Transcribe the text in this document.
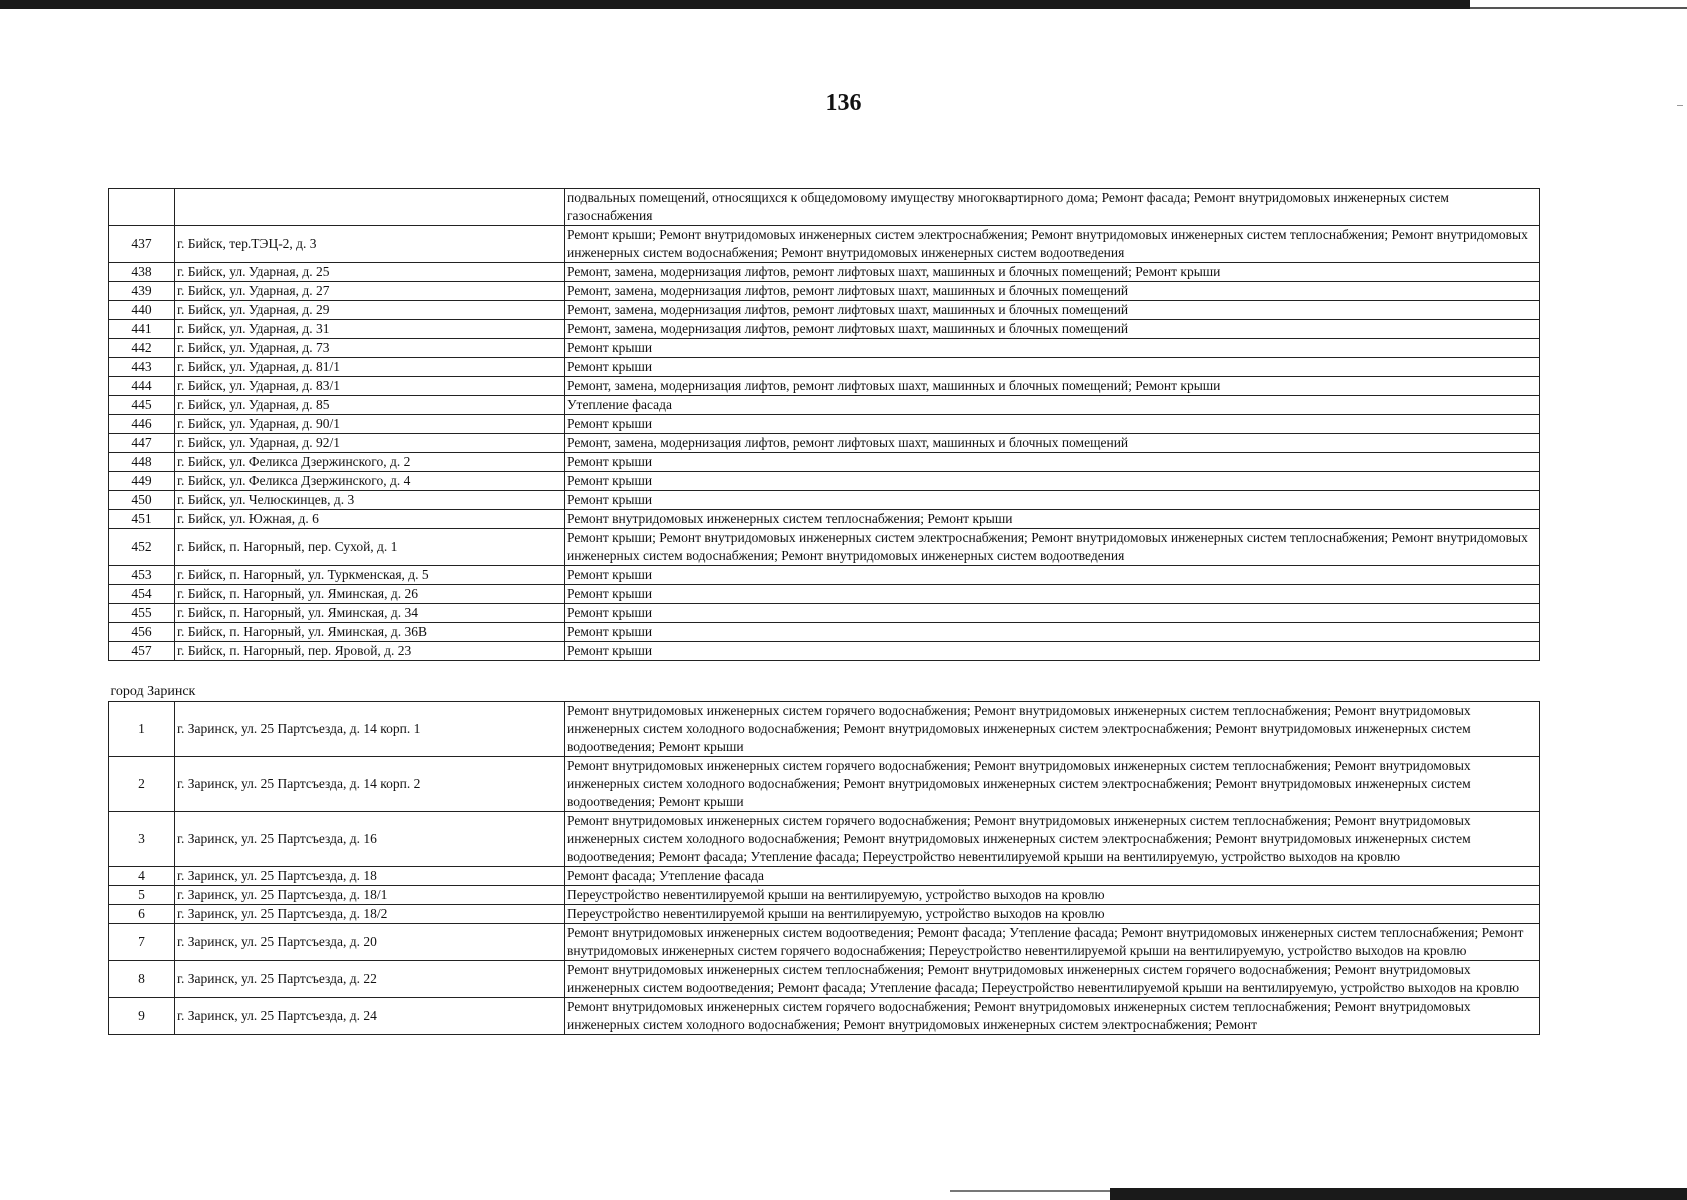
136
		подвальных помещений, относящихся к общедомовому имуществу многоквартирного дома; Ремонт фасада; Ремонт внутридомовых инженерных систем газоснабжения
437	г. Бийск, тер.ТЭЦ-2, д. 3	Ремонт крыши; Ремонт внутридомовых инженерных систем электроснабжения; Ремонт внутридомовых инженерных систем теплоснабжения; Ремонт внутридомовых инженерных систем водоснабжения; Ремонт внутридомовых инженерных систем водоотведения
438	г. Бийск, ул. Ударная, д. 25	Ремонт, замена, модернизация лифтов, ремонт лифтовых шахт, машинных и блочных помещений; Ремонт крыши
439	г. Бийск, ул. Ударная, д. 27	Ремонт, замена, модернизация лифтов, ремонт лифтовых шахт, машинных и блочных помещений
440	г. Бийск, ул. Ударная, д. 29	Ремонт, замена, модернизация лифтов, ремонт лифтовых шахт, машинных и блочных помещений
441	г. Бийск, ул. Ударная, д. 31	Ремонт, замена, модернизация лифтов, ремонт лифтовых шахт, машинных и блочных помещений
442	г. Бийск, ул. Ударная, д. 73	Ремонт крыши
443	г. Бийск, ул. Ударная, д. 81/1	Ремонт крыши
444	г. Бийск, ул. Ударная, д. 83/1	Ремонт, замена, модернизация лифтов, ремонт лифтовых шахт, машинных и блочных помещений; Ремонт крыши
445	г. Бийск, ул. Ударная, д. 85	Утепление фасада
446	г. Бийск, ул. Ударная, д. 90/1	Ремонт крыши
447	г. Бийск, ул. Ударная, д. 92/1	Ремонт, замена, модернизация лифтов, ремонт лифтовых шахт, машинных и блочных помещений
448	г. Бийск, ул. Феликса Дзержинского, д. 2	Ремонт крыши
449	г. Бийск, ул. Феликса Дзержинского, д. 4	Ремонт крыши
450	г. Бийск, ул. Челюскинцев, д. 3	Ремонт крыши
451	г. Бийск, ул. Южная, д. 6	Ремонт внутридомовых инженерных систем теплоснабжения; Ремонт крыши
452	г. Бийск, п. Нагорный, пер. Сухой, д. 1	Ремонт крыши; Ремонт внутридомовых инженерных систем электроснабжения; Ремонт внутридомовых инженерных систем теплоснабжения; Ремонт внутридомовых инженерных систем водоснабжения; Ремонт внутридомовых инженерных систем водоотведения
453	г. Бийск, п. Нагорный, ул. Туркменская, д. 5	Ремонт крыши
454	г. Бийск, п. Нагорный, ул. Яминская, д. 26	Ремонт крыши
455	г. Бийск, п. Нагорный, ул. Яминская, д. 34	Ремонт крыши
456	г. Бийск, п. Нагорный, ул. Яминская, д. 36В	Ремонт крыши
457	г. Бийск, п. Нагорный, пер. Яровой, д. 23	Ремонт крыши
город Заринск		
1	г. Заринск, ул. 25 Партсъезда, д. 14 корп. 1	Ремонт внутридомовых инженерных систем горячего водоснабжения; Ремонт внутридомовых инженерных систем теплоснабжения; Ремонт внутридомовых инженерных систем холодного водоснабжения; Ремонт внутридомовых инженерных систем электроснабжения; Ремонт внутридомовых инженерных систем водоотведения; Ремонт крыши
2	г. Заринск, ул. 25 Партсъезда, д. 14 корп. 2	Ремонт внутридомовых инженерных систем горячего водоснабжения; Ремонт внутридомовых инженерных систем теплоснабжения; Ремонт внутридомовых инженерных систем холодного водоснабжения; Ремонт внутридомовых инженерных систем электроснабжения; Ремонт внутридомовых инженерных систем водоотведения; Ремонт крыши
3	г. Заринск, ул. 25 Партсъезда, д. 16	Ремонт внутридомовых инженерных систем горячего водоснабжения; Ремонт внутридомовых инженерных систем теплоснабжения; Ремонт внутридомовых инженерных систем холодного водоснабжения; Ремонт внутридомовых инженерных систем электроснабжения; Ремонт внутридомовых инженерных систем водоотведения; Ремонт фасада; Утепление фасада; Переустройство невентилируемой крыши на вентилируемую, устройство выходов на кровлю
4	г. Заринск, ул. 25 Партсъезда, д. 18	Ремонт фасада; Утепление фасада
5	г. Заринск, ул. 25 Партсъезда, д. 18/1	Переустройство невентилируемой крыши на вентилируемую, устройство выходов на кровлю
6	г. Заринск, ул. 25 Партсъезда, д. 18/2	Переустройство невентилируемой крыши на вентилируемую, устройство выходов на кровлю
7	г. Заринск, ул. 25 Партсъезда, д. 20	Ремонт внутридомовых инженерных систем водоотведения; Ремонт фасада; Утепление фасада; Ремонт внутридомовых инженерных систем теплоснабжения; Ремонт внутридомовых инженерных систем горячего водоснабжения; Переустройство невентилируемой крыши на вентилируемую, устройство выходов на кровлю
8	г. Заринск, ул. 25 Партсъезда, д. 22	Ремонт внутридомовых инженерных систем теплоснабжения; Ремонт внутридомовых инженерных систем горячего водоснабжения; Ремонт внутридомовых инженерных систем водоотведения; Ремонт фасада; Утепление фасада; Переустройство невентилируемой крыши на вентилируемую, устройство выходов на кровлю
9	г. Заринск, ул. 25 Партсъезда, д. 24	Ремонт внутридомовых инженерных систем горячего водоснабжения; Ремонт внутридомовых инженерных систем теплоснабжения; Ремонт внутридомовых инженерных систем холодного водоснабжения; Ремонт внутридомовых инженерных систем электроснабжения; Ремонт
